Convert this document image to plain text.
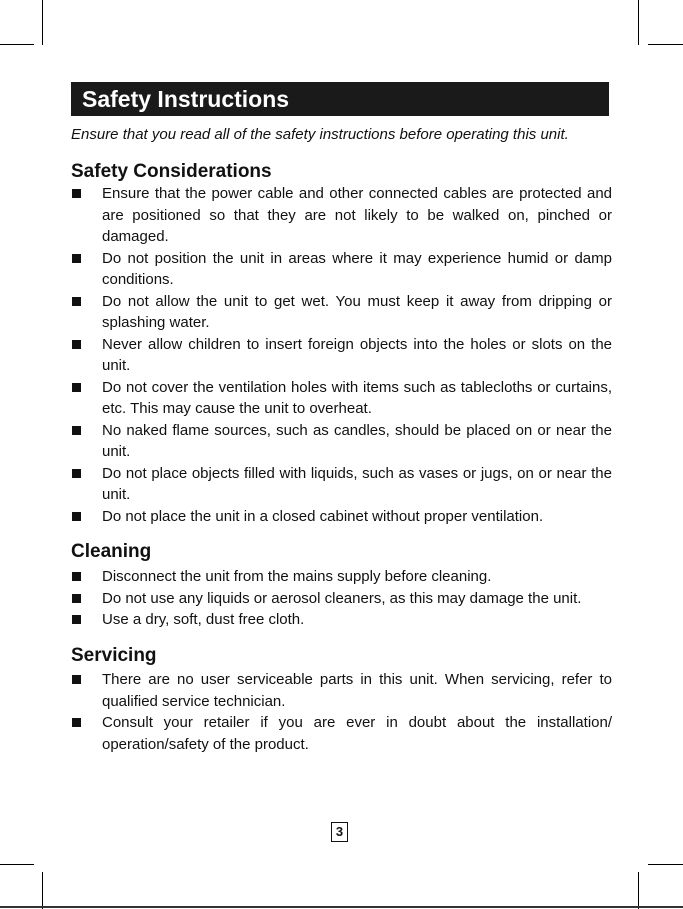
Safety Instructions
Ensure that you read all of the safety instructions before operating this unit.
Safety Considerations
Ensure that the power cable and other connected cables are protected and are positioned so that they are not likely to be walked on, pinched or damaged.
Do not position the unit in areas where it may experience humid or damp conditions.
Do not allow the unit to get wet. You must keep it away from dripping or splashing water.
Never allow children to insert foreign objects into the holes or slots on the unit.
Do not cover the ventilation holes with items such as tablecloths or curtains, etc. This may cause the unit to overheat.
No naked flame sources, such as candles, should be placed on or near the unit.
Do not place objects filled with liquids, such as vases or jugs, on or near the unit.
Do not place the unit in a closed cabinet without proper ventilation.
Cleaning
Disconnect the unit from the mains supply before cleaning.
Do not use any liquids or aerosol cleaners, as this may damage the unit.
Use a dry, soft, dust free cloth.
Servicing
There are no user serviceable parts in this unit. When servicing, refer to qualified service technician.
Consult your retailer if you are ever in doubt about the installation/ operation/safety of the product.
3
